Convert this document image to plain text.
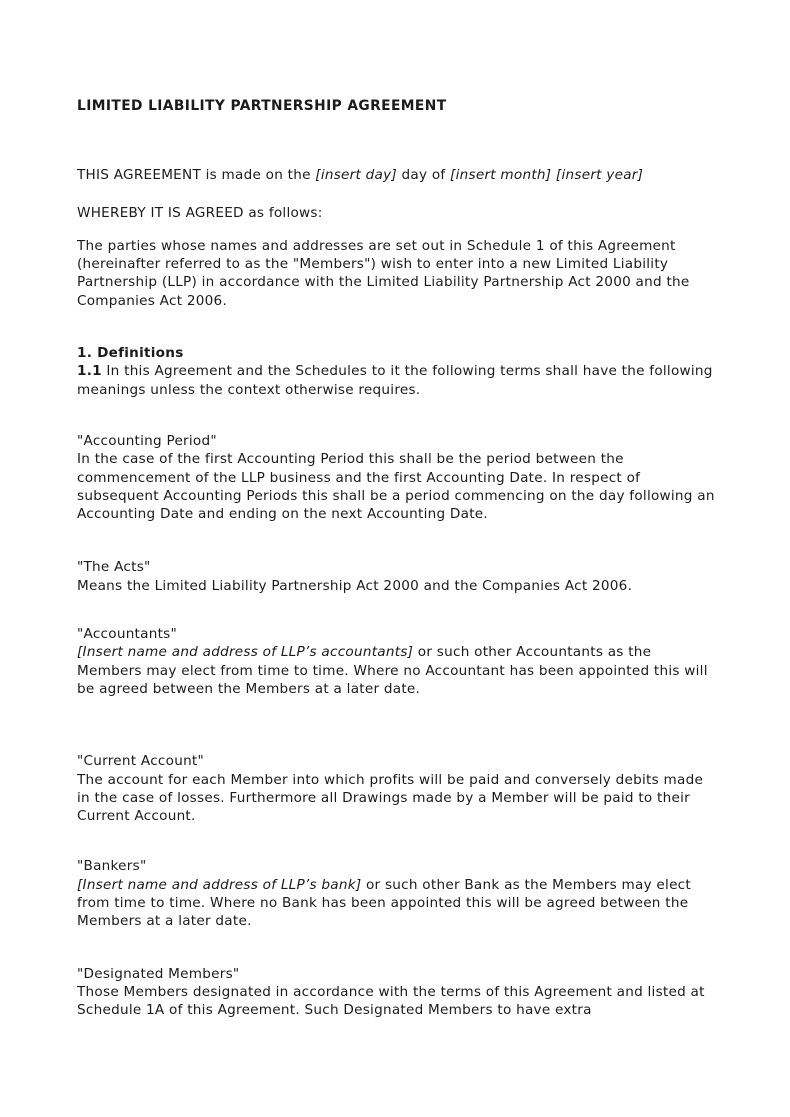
LIMITED LIABILITY PARTNERSHIP AGREEMENT
THIS AGREEMENT is made on the [insert day] day of [insert month] [insert year]
WHEREBY IT IS AGREED as follows:
The parties whose names and addresses are set out in Schedule 1 of this Agreement (hereinafter referred to as the "Members") wish to enter into a new Limited Liability Partnership (LLP) in accordance with the Limited Liability Partnership Act 2000 and the Companies Act 2006.
1. Definitions
1.1 In this Agreement and the Schedules to it the following terms shall have the following meanings unless the context otherwise requires.
"Accounting Period"
In the case of the first Accounting Period this shall be the period between the commencement of the LLP business and the first Accounting Date. In respect of subsequent Accounting Periods this shall be a period commencing on the day following an Accounting Date and ending on the next Accounting Date.
"The Acts"
Means the Limited Liability Partnership Act 2000 and the Companies Act 2006.
"Accountants"
[Insert name and address of LLP’s accountants] or such other Accountants as the Members may elect from time to time. Where no Accountant has been appointed this will be agreed between the Members at a later date.
"Current Account"
The account for each Member into which profits will be paid and conversely debits made in the case of losses. Furthermore all Drawings made by a Member will be paid to their Current Account.
"Bankers"
[Insert name and address of LLP’s bank] or such other Bank as the Members may elect from time to time. Where no Bank has been appointed this will be agreed between the Members at a later date.
"Designated Members"
Those Members designated in accordance with the terms of this Agreement and listed at Schedule 1A of this Agreement. Such Designated Members to have extra
